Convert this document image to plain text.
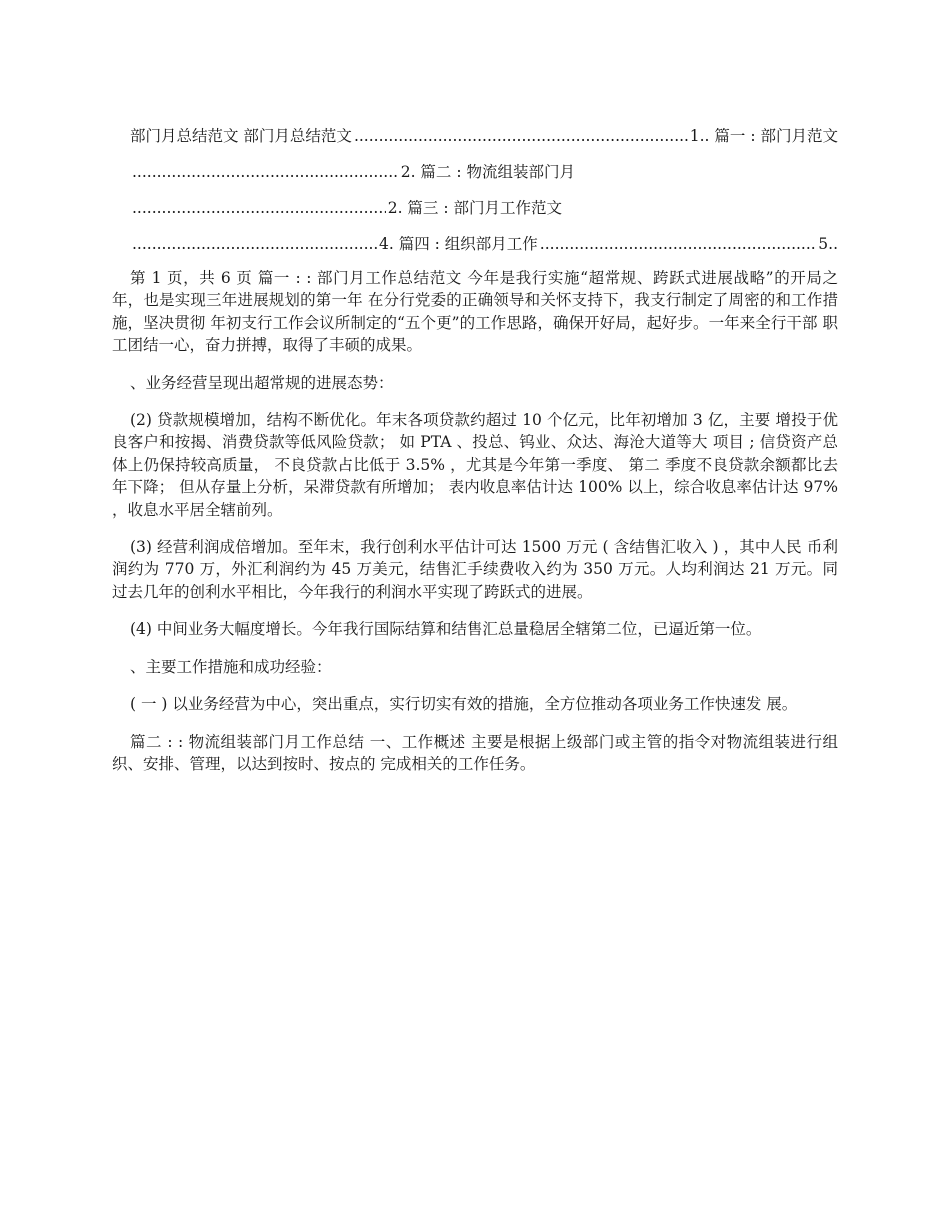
部门月总结范文 部门月总结范文 .....	1.. 篇一 : 部门月范文
.....
2. 篇二 : 物流组装部门月
.....
2. 篇三 : 部门月工作范文
.....
4. 篇四 : 组织部月工作 .....	5..

第 1 页，共 6 页 篇一 : : 部门月工作总结范文 今年是我行实施“超常规、跨跃式进展战略”的开局之年，也是实现三年进展规划的第一年 在分行党委的正确领导和关怀支持下，我支行制定了周密的和工作措施，坚决贯彻 年初支行工作会议所制定的“五个更”的工作思路，确保开好局，起好步。一年来全行干部 职工团结一心，奋力拼搏，取得了丰硕的成果。

、业务经营呈现出超常规的进展态势：

(2) 贷款规模增加，结构不断优化。年末各项贷款约超过 10 个亿元，比年初增加 3 亿，主要 增投于优良客户和按揭、消费贷款等低风险贷款； 如 PTA 、投总、钨业、众达、海沧大道等大 项目 ; 信贷资产总体上仍保持较高质量， 不良贷款占比低于 3.5% ，尤其是今年第一季度、 第二 季度不良贷款余额都比去年下降； 但从存量上分析，呆滞贷款有所增加； 表内收息率估计达 100% 以上，综合收息率估计达 97% ，收息水平居全辖前列。

(3) 经营利润成倍增加。至年末，我行创利水平估计可达 1500 万元 ( 含结售汇收入 ) ，其中人民 币利润约为 770 万，外汇利润约为 45 万美元，结售汇手续费收入约为 350 万元。人均利润达 21 万元。同过去几年的创利水平相比，今年我行的利润水平实现了跨跃式的进展。

(4) 中间业务大幅度增长。今年我行国际结算和结售汇总量稳居全辖第二位，已逼近第一位。

、主要工作措施和成功经验：

( 一 ) 以业务经营为中心，突出重点，实行切实有效的措施，全方位推动各项业务工作快速发 展。

篇二 : : 物流组装部门月工作总结 一、工作概述 主要是根据上级部门或主管的指令对物流组装进行组织、安排、管理，以达到按时、按点的 完成相关的工作任务。
